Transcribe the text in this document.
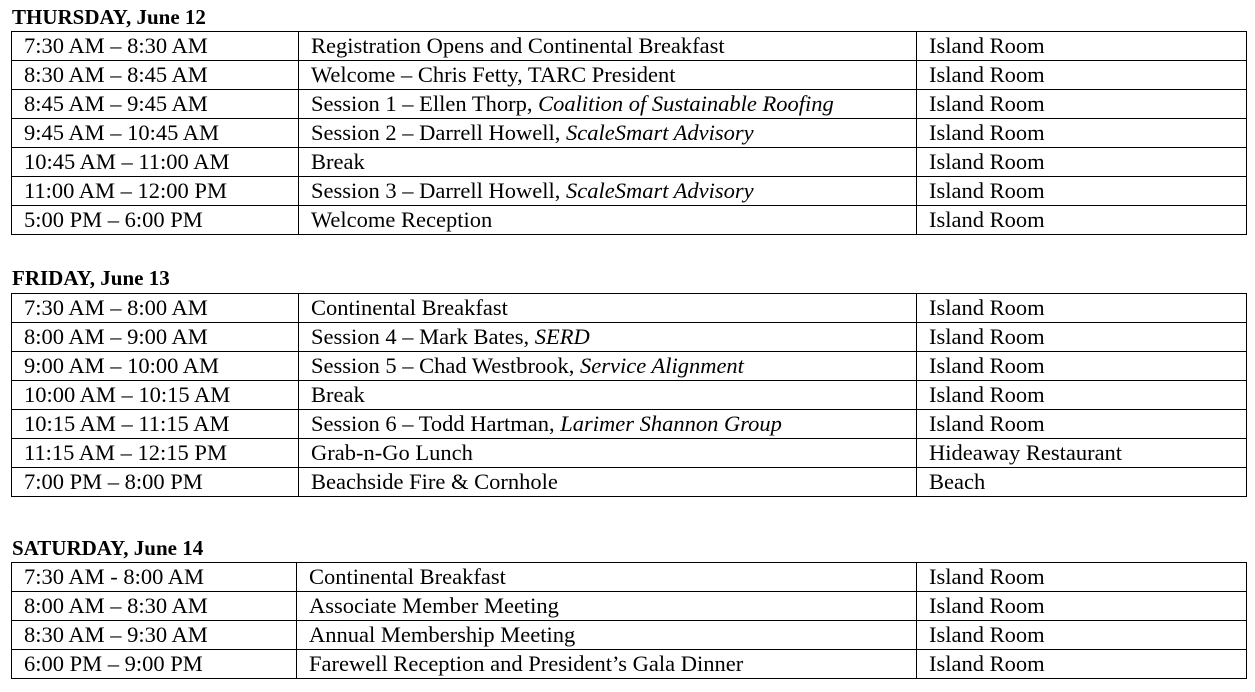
THURSDAY, June 12
7:30 AM – 8:30 AM	Registration Opens and Continental Breakfast	Island Room
8:30 AM – 8:45 AM	Welcome – Chris Fetty, TARC President	Island Room
8:45 AM – 9:45 AM	Session 1 – Ellen Thorp, Coalition of Sustainable Roofing	Island Room
9:45 AM – 10:45 AM	Session 2 – Darrell Howell, ScaleSmart Advisory	Island Room
10:45 AM – 11:00 AM	Break	Island Room
11:00 AM – 12:00 PM	Session 3 – Darrell Howell, ScaleSmart Advisory	Island Room
5:00 PM – 6:00 PM	Welcome Reception	Island Room
FRIDAY, June 13
7:30 AM – 8:00 AM	Continental Breakfast	Island Room
8:00 AM – 9:00 AM	Session 4 – Mark Bates, SERD	Island Room
9:00 AM – 10:00 AM	Session 5 – Chad Westbrook, Service Alignment	Island Room
10:00 AM – 10:15 AM	Break	Island Room
10:15 AM – 11:15 AM	Session 6 – Todd Hartman, Larimer Shannon Group	Island Room
11:15 AM – 12:15 PM	Grab-n-Go Lunch	Hideaway Restaurant
7:00 PM – 8:00 PM	Beachside Fire & Cornhole	Beach
SATURDAY, June 14
7:30 AM - 8:00 AM	Continental Breakfast	Island Room
8:00 AM – 8:30 AM	Associate Member Meeting	Island Room
8:30 AM – 9:30 AM	Annual Membership Meeting	Island Room
6:00 PM – 9:00 PM	Farewell Reception and President’s Gala Dinner	Island Room
